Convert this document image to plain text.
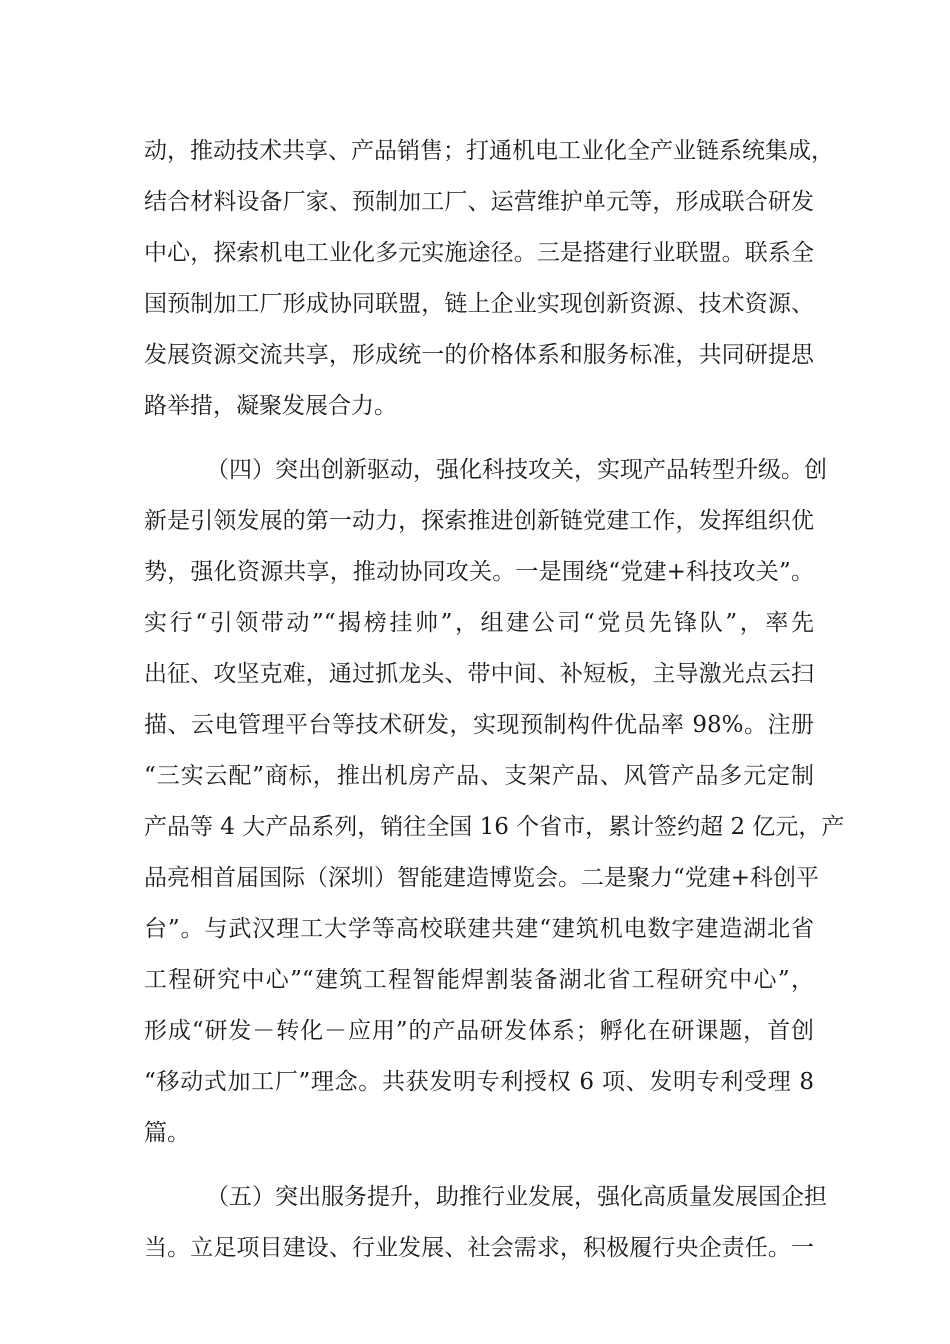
动，推动技术共享、产品销售；打通机电工业化全产业链系统集成，
结合材料设备厂家、预制加工厂、运营维护单元等，形成联合研发
中心，探索机电工业化多元实施途径。三是搭建行业联盟。联系全
国预制加工厂形成协同联盟，链上企业实现创新资源、技术资源、
发展资源交流共享，形成统一的价格体系和服务标准，共同研提思
路举措，凝聚发展合力。
（四）突出创新驱动，强化科技攻关，实现产品转型升级。创
新是引领发展的第一动力，探索推进创新链党建工作，发挥组织优
势，强化资源共享，推动协同攻关。一是围绕“党建+科技攻关”。
实行“引领带动”“揭榜挂帅”，组建公司“党员先锋队”，率先
出征、攻坚克难，通过抓龙头、带中间、补短板，主导激光点云扫
描、云电管理平台等技术研发，实现预制构件优品率 98%。注册
“三实云配”商标，推出机房产品、支架产品、风管产品多元定制
产品等 4 大产品系列，销往全国 16 个省市，累计签约超 2 亿元，产
品亮相首届国际（深圳）智能建造博览会。二是聚力“党建+科创平
台”。与武汉理工大学等高校联建共建“建筑机电数字建造湖北省
工程研究中心”“建筑工程智能焊割装备湖北省工程研究中心”，
形成“研发－转化－应用”的产品研发体系；孵化在研课题，首创
“移动式加工厂”理念。共获发明专利授权 6 项、发明专利受理 8
篇。
（五）突出服务提升，助推行业发展，强化高质量发展国企担
当。立足项目建设、行业发展、社会需求，积极履行央企责任。一
